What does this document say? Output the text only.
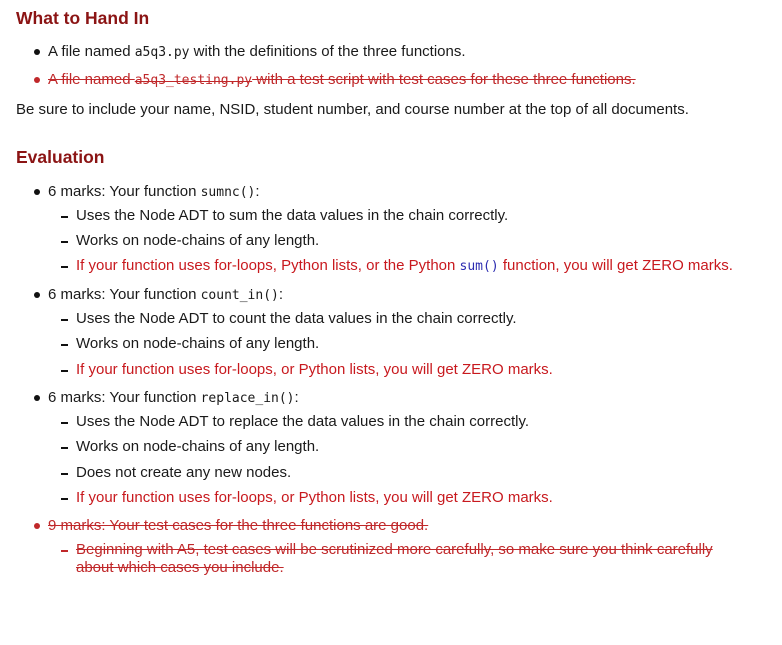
What to Hand In
A file named a5q3.py with the definitions of the three functions.
A file named a5q3_testing.py with a test script with test cases for these three functions.
Be sure to include your name, NSID, student number, and course number at the top of all documents.
Evaluation
6 marks: Your function sumnc():
Uses the Node ADT to sum the data values in the chain correctly.
Works on node-chains of any length.
If your function uses for-loops, Python lists, or the Python sum() function, you will get ZERO marks.
6 marks: Your function count_in():
Uses the Node ADT to count the data values in the chain correctly.
Works on node-chains of any length.
If your function uses for-loops, or Python lists, you will get ZERO marks.
6 marks: Your function replace_in():
Uses the Node ADT to replace the data values in the chain correctly.
Works on node-chains of any length.
Does not create any new nodes.
If your function uses for-loops, or Python lists, you will get ZERO marks.
9 marks: Your test cases for the three functions are good.
Beginning with A5, test cases will be scrutinized more carefully, so make sure you think carefully about which cases you include.
